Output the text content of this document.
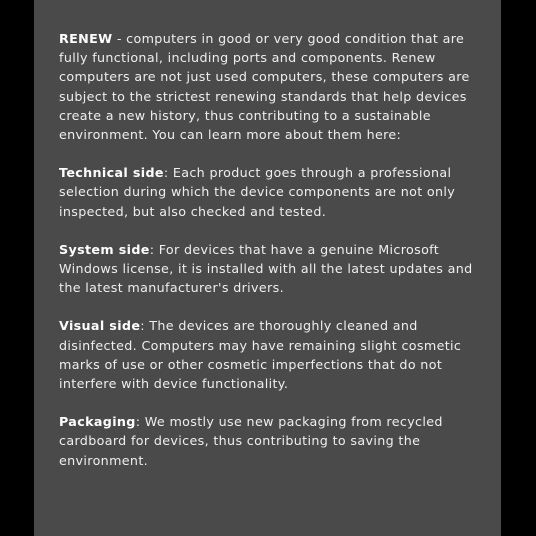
RENEW - computers in good or very good condition that are fully functional, including ports and components. Renew computers are not just used computers, these computers are subject to the strictest renewing standards that help devices create a new history, thus contributing to a sustainable environment. You can learn more about them here:

Technical side: Each product goes through a professional selection during which the device components are not only inspected, but also checked and tested.

System side: For devices that have a genuine Microsoft Windows license, it is installed with all the latest updates and the latest manufacturer's drivers.

Visual side: The devices are thoroughly cleaned and disinfected. Computers may have remaining slight cosmetic marks of use or other cosmetic imperfections that do not interfere with device functionality.

Packaging: We mostly use new packaging from recycled cardboard for devices, thus contributing to saving the environment.
